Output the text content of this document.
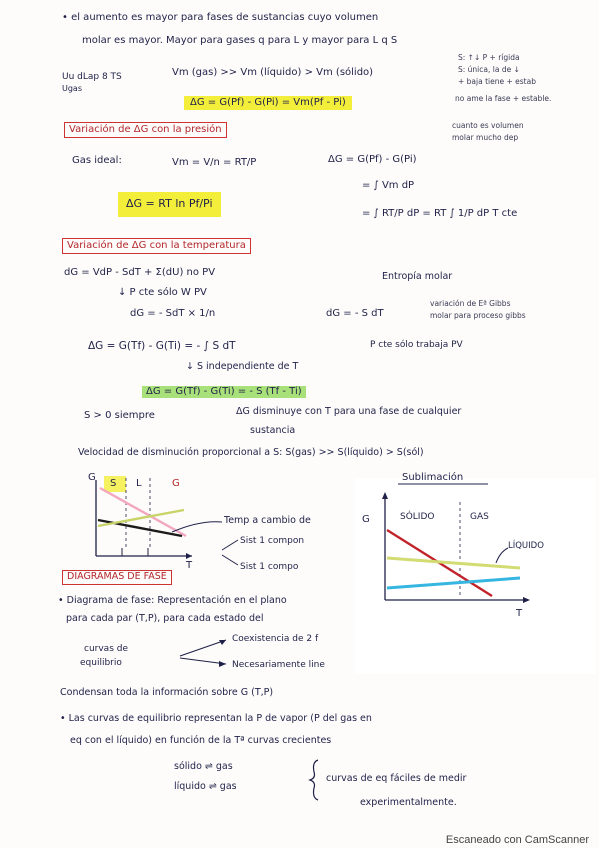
• el aumento es mayor para fases de sustancias cuyo volumen
molar es mayor. Mayor para gases q para L y mayor para L q S
S: ↑↓ P + rígida
S: única, la de ↓
+ baja tiene + estab
no ame la fase + estable.
cuanto es volumen
molar mucho dep
Uu dLap 8 TS
Ugas
Vm (gas) >> Vm (líquido) > Vm (sólido)
ΔG = G(Pf) - G(Pi) = Vm(Pf - Pi)
Variación de ΔG con la presión
Gas ideal:	Vm = V/n = RT/P	ΔG = G(Pf) - G(Pi)
= ∫ Vm dP
ΔG = RT ln Pf/Pi
= ∫ RT/P dP = RT ∫ 1/P dP T cte
Variación de ΔG con la temperatura
dG = VdP - SdT + Σ(dU) no PV	Entropía molar
↓ P cte sólo W PV
dG = - SdT × 1/n	dG = - S dT
variación de Eª Gibbs
molar para proceso gibbs
ΔG = G(Tf) - G(Ti) = - ∫ S dT	P cte sólo trabaja PV
↓ S independiente de T
ΔG = G(Tf) - G(Ti) = - S (Tf - Ti)
S > 0 siempre	ΔG disminuye con T para una fase de cualquier
sustancia
Velocidad de disminución proporcional a S: S(gas) >> S(líquido) > S(sól)
G
S L	G
T
Temp a cambio de
Sist 1 compon
Sist 1 compo
DIAGRAMAS DE FASE
• Diagrama de fase: Representación en el plano
para cada par (T,P), para cada estado del
curvas de
equilibrio
Coexistencia de 2 f
Necesariamente line
Sublimación
G	SÓLIDO	GAS
LÍQUIDO
T
Condensan toda la información sobre G (T,P)
• Las curvas de equilibrio representan la P de vapor (P del gas en
eq con el líquido) en función de la Tª curvas crecientes
sólido ⇌ gas
líquido ⇌ gas
curvas de eq fáciles de medir
experimentalmente.
Escaneado con CamScanner
